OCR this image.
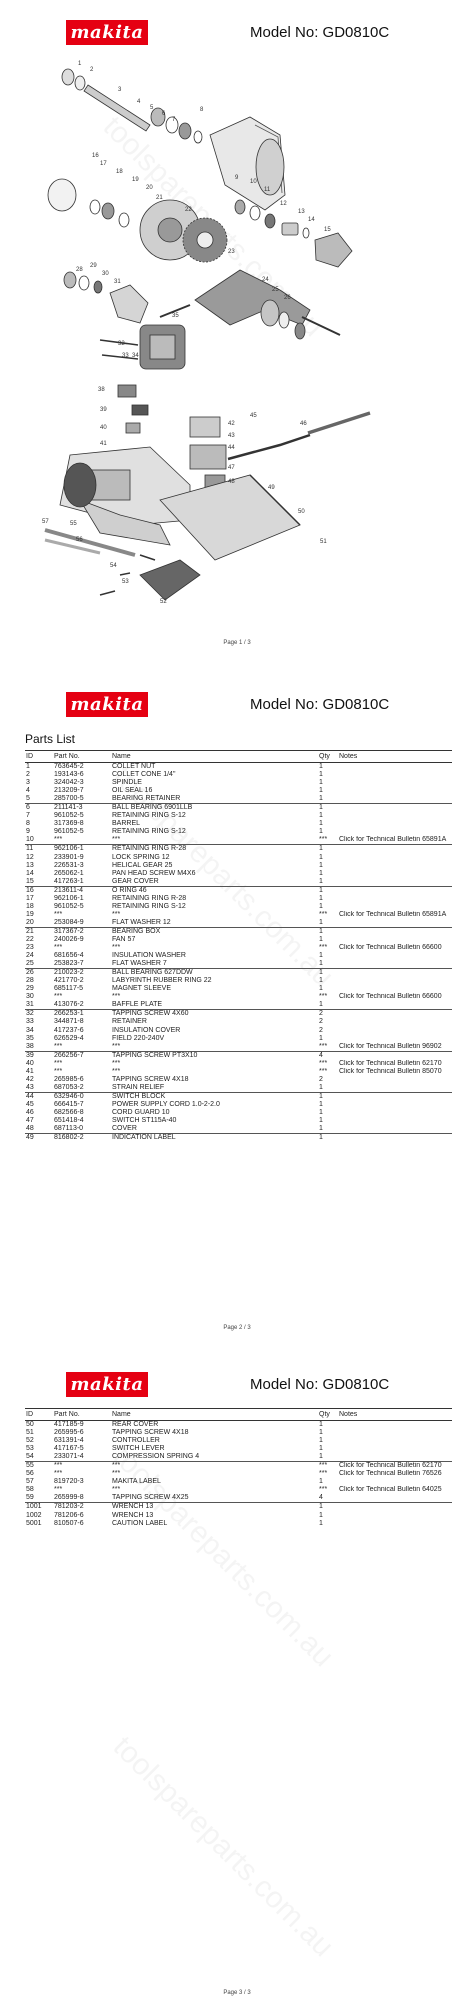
makita	Model No: GD0810C
1
2
3
4
5
6
7
8
9
10
11
12
13
14
15
16
17
18
19
20
21
22
23
24
25
26
28
29
30
31
32
33 34
35
38
39
40
41
42
43
44
45
46
47
48
49
50
51
52
53
54
55
56
57
Page 1 / 3
makita	Model No: GD0810C
Parts List
ID	Part No.	Name	Qty	Notes
1	763645-2	COLLET NUT	1	
2	193143-6	COLLET CONE 1/4"	1	
3	324042-3	SPINDLE	1	
4	213209-7	OIL SEAL 16	1	
5	285700-5	BEARING RETAINER	1	
6	211141-3	BALL BEARING 6901LLB	1	
7	961052-5	RETAINING RING S-12	1	
8	317369-8	BARREL	1	
9	961052-5	RETAINING RING S-12	1	
10	***	***	***	Click for Technical Bulletin 65891A
11	962106-1	RETAINING RING R-28	1	
12	233901-9	LOCK SPRING 12	1	
13	226531-3	HELICAL GEAR 25	1	
14	265062-1	PAN HEAD SCREW M4X6	1	
15	417263-1	GEAR COVER	1	
16	213611-4	O RING 46	1	
17	962106-1	RETAINING RING R-28	1	
18	961052-5	RETAINING RING S-12	1	
19	***	***	***	Click for Technical Bulletin 65891A
20	253084-9	FLAT WASHER 12	1	
21	317367-2	BEARING BOX	1	
22	240026-9	FAN 57	1	
23	***	***	***	Click for Technical Bulletin 66600
24	681656-4	INSULATION WASHER	1	
25	253823-7	FLAT WASHER 7	1	
26	210023-2	BALL BEARING 627DDW	1	
28	421770-2	LABYRINTH RUBBER RING 22	1	
29	685117-5	MAGNET SLEEVE	1	
30	***	***	***	Click for Technical Bulletin 66600
31	413076-2	BAFFLE PLATE	1	
32	266253-1	TAPPING SCREW 4X60	2	
33	344871-8	RETAINER	2	
34	417237-6	INSULATION COVER	2	
35	626529-4	FIELD 220-240V	1	
38	***	***	***	Click for Technical Bulletin 96902
39	266256-7	TAPPING SCREW PT3X10	4	
40	***	***	***	Click for Technical Bulletin 62170
41	***	***	***	Click for Technical Bulletin 85070
42	265985-6	TAPPING SCREW 4X18	2	
43	687053-2	STRAIN RELIEF	1	
44	632946-0	SWITCH BLOCK	1	
45	666415-7	POWER SUPPLY CORD 1.0-2-2.0	1	
46	682566-8	CORD GUARD 10	1	
47	651418-4	SWITCH ST115A-40	1	
48	687113-0	COVER	1	
49	816802-2	INDICATION LABEL	1	
Page 2 / 3
makita	Model No: GD0810C
ID	Part No.	Name	Qty	Notes
50	417185-9	REAR COVER	1	
51	265995-6	TAPPING SCREW 4X18	1	
52	631391-4	CONTROLLER	1	
53	417167-5	SWITCH LEVER	1	
54	233071-4	COMPRESSION SPRING 4	1	
55	***	***	***	Click for Technical Bulletin 62170
56	***	***	***	Click for Technical Bulletin 76526
57	819720-3	MAKITA LABEL	1	
58	***	***	***	Click for Technical Bulletin 64025
59	265999-8	TAPPING SCREW 4X25	4	
1001	781203-2	WRENCH 13	1	
1002	781206-6	WRENCH 13	1	
5001	810507-6	CAUTION LABEL	1	
Page 3 / 3
